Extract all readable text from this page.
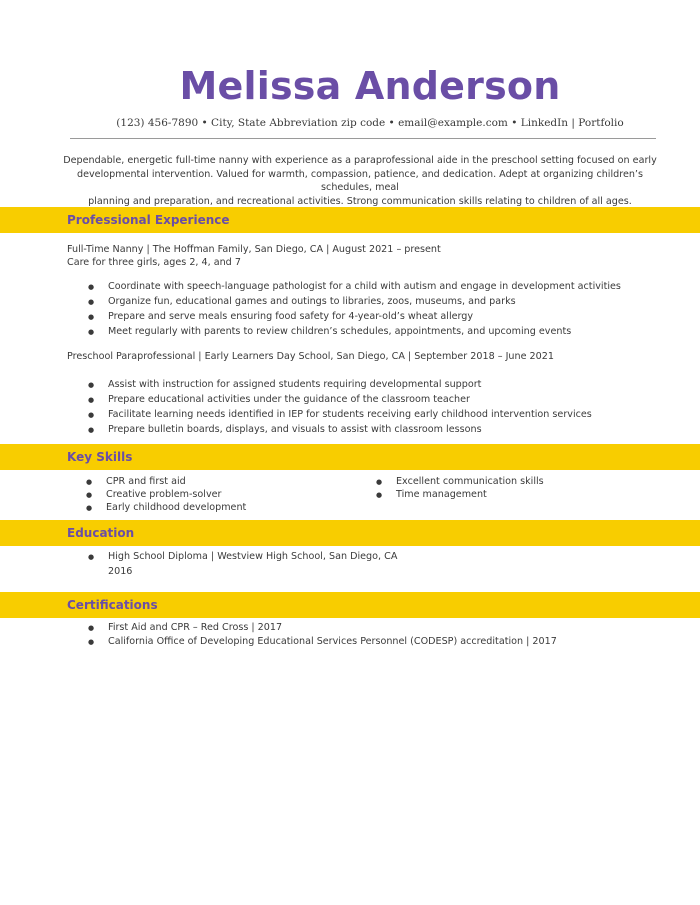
Melissa Anderson
(123) 456-7890 • City, State Abbreviation zip code • email@example.com • LinkedIn | Portfolio
Dependable, energetic full-time nanny with experience as a paraprofessional aide in the preschool setting focused on early
developmental intervention. Valued for warmth, compassion, patience, and dedication. Adept at organizing children’s schedules, meal
planning and preparation, and recreational activities. Strong communication skills relating to children of all ages.
Professional Experience
Full-Time Nanny | The Hoffman Family, San Diego, CA | August 2021 – present
Care for three girls, ages 2, 4, and 7
● Coordinate with speech-language pathologist for a child with autism and engage in development activities
● Organize fun, educational games and outings to libraries, zoos, museums, and parks
● Prepare and serve meals ensuring food safety for 4-year-old’s wheat allergy
● Meet regularly with parents to review children’s schedules, appointments, and upcoming events
Preschool Paraprofessional | Early Learners Day School, San Diego, CA | September 2018 – June 2021
● Assist with instruction for assigned students requiring developmental support
● Prepare educational activities under the guidance of the classroom teacher
● Facilitate learning needs identified in IEP for students receiving early childhood intervention services
● Prepare bulletin boards, displays, and visuals to assist with classroom lessons
Key Skills
● CPR and first aid
● Creative problem-solver
● Early childhood development
● Excellent communication skills
● Time management
Education
● High School Diploma | Westview High School, San Diego, CA
2016
Certifications
● First Aid and CPR – Red Cross | 2017
● California Office of Developing Educational Services Personnel (CODESP) accreditation | 2017
